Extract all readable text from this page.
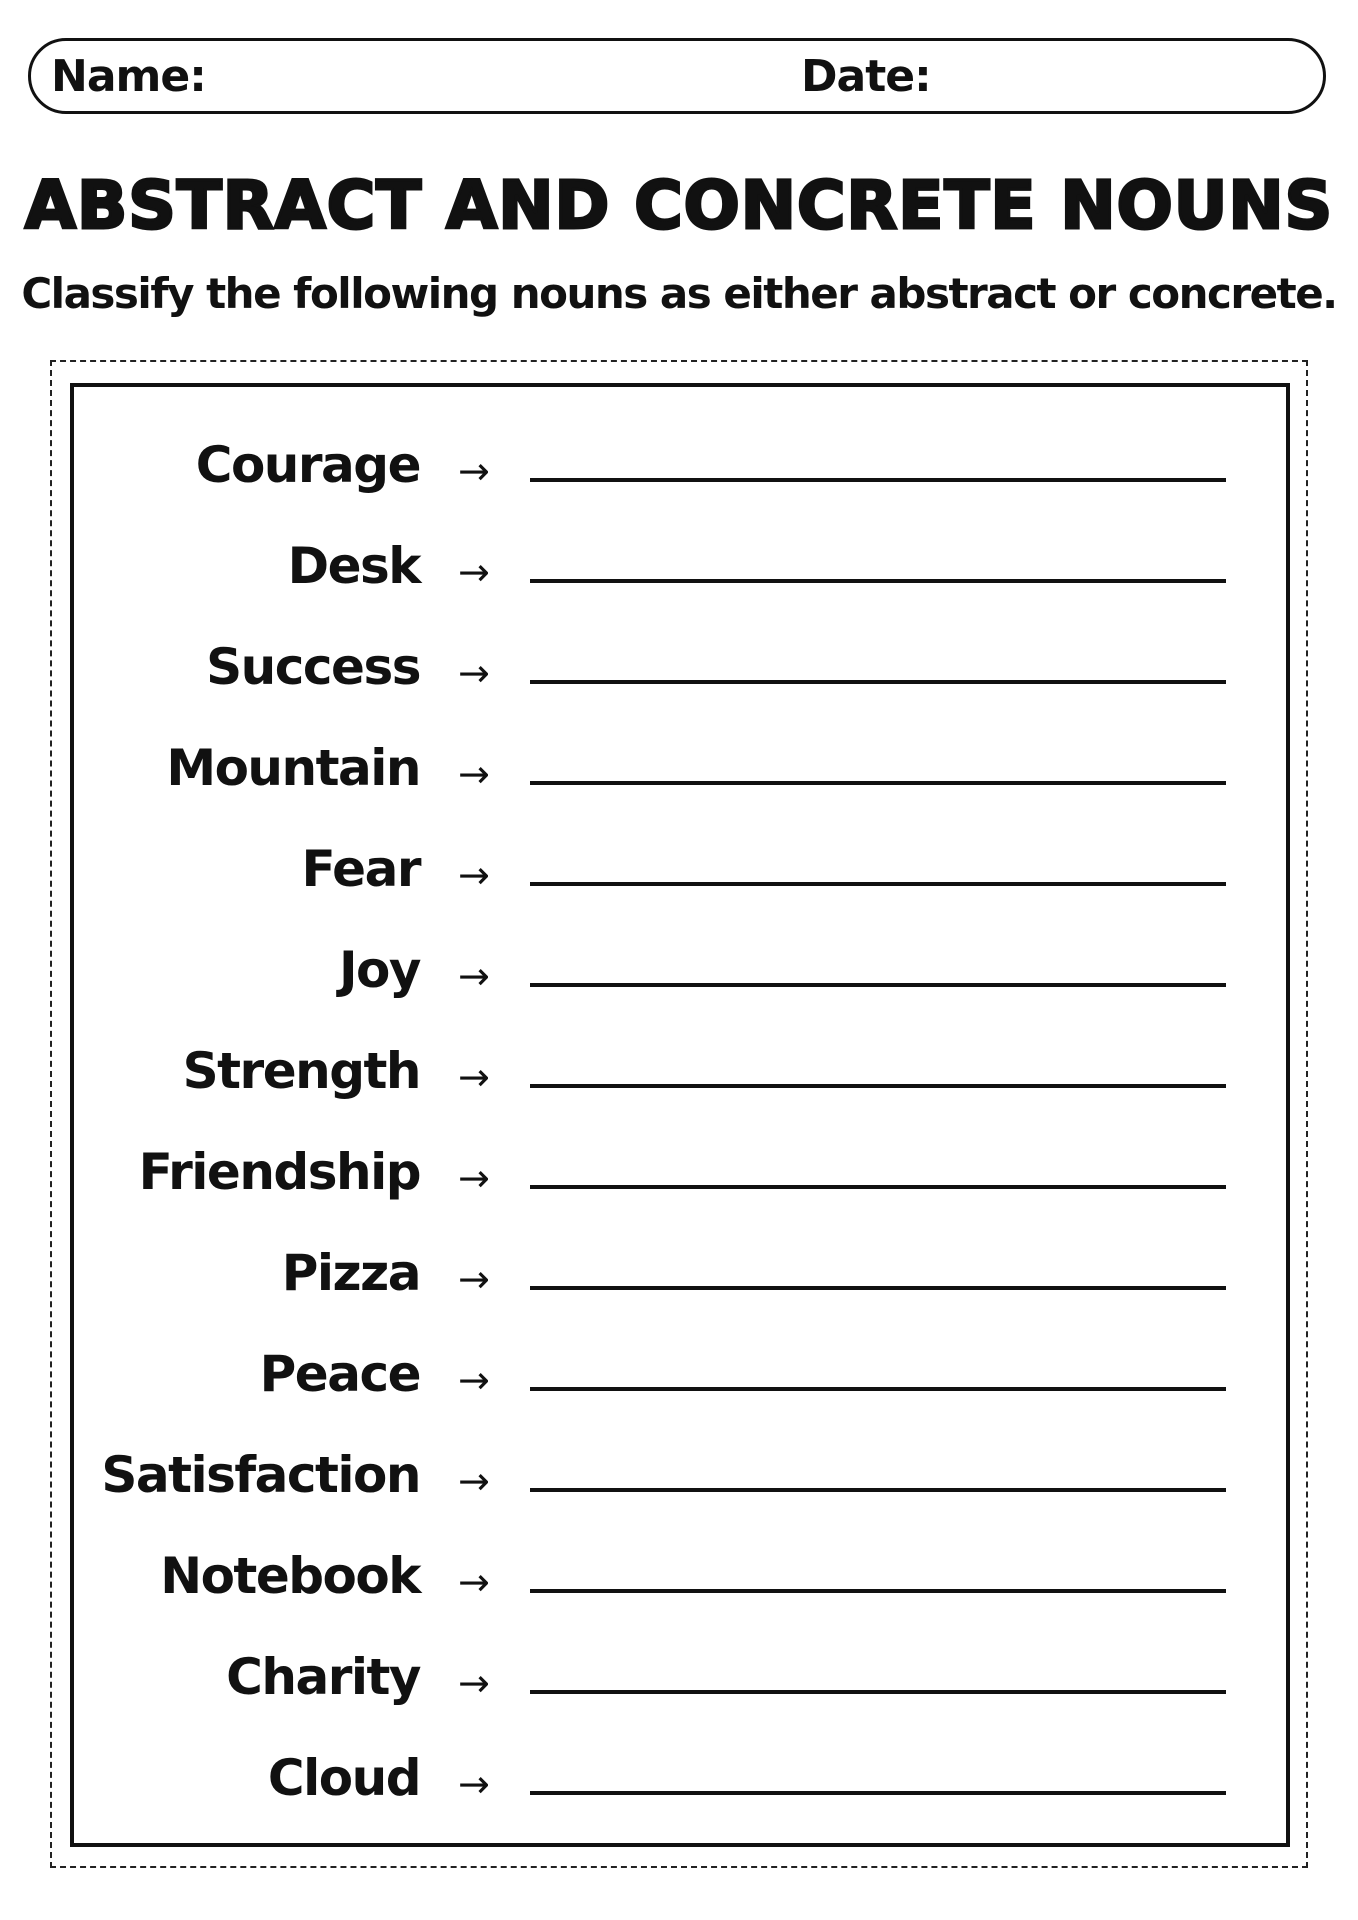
Name:	Date:
ABSTRACT AND CONCRETE NOUNS
Classify the following nouns as either abstract or concrete.
Courage →
Desk →
Success →
Mountain →
Fear →
Joy →
Strength →
Friendship →
Pizza →
Peace →
Satisfaction →
Notebook →
Charity →
Cloud →
